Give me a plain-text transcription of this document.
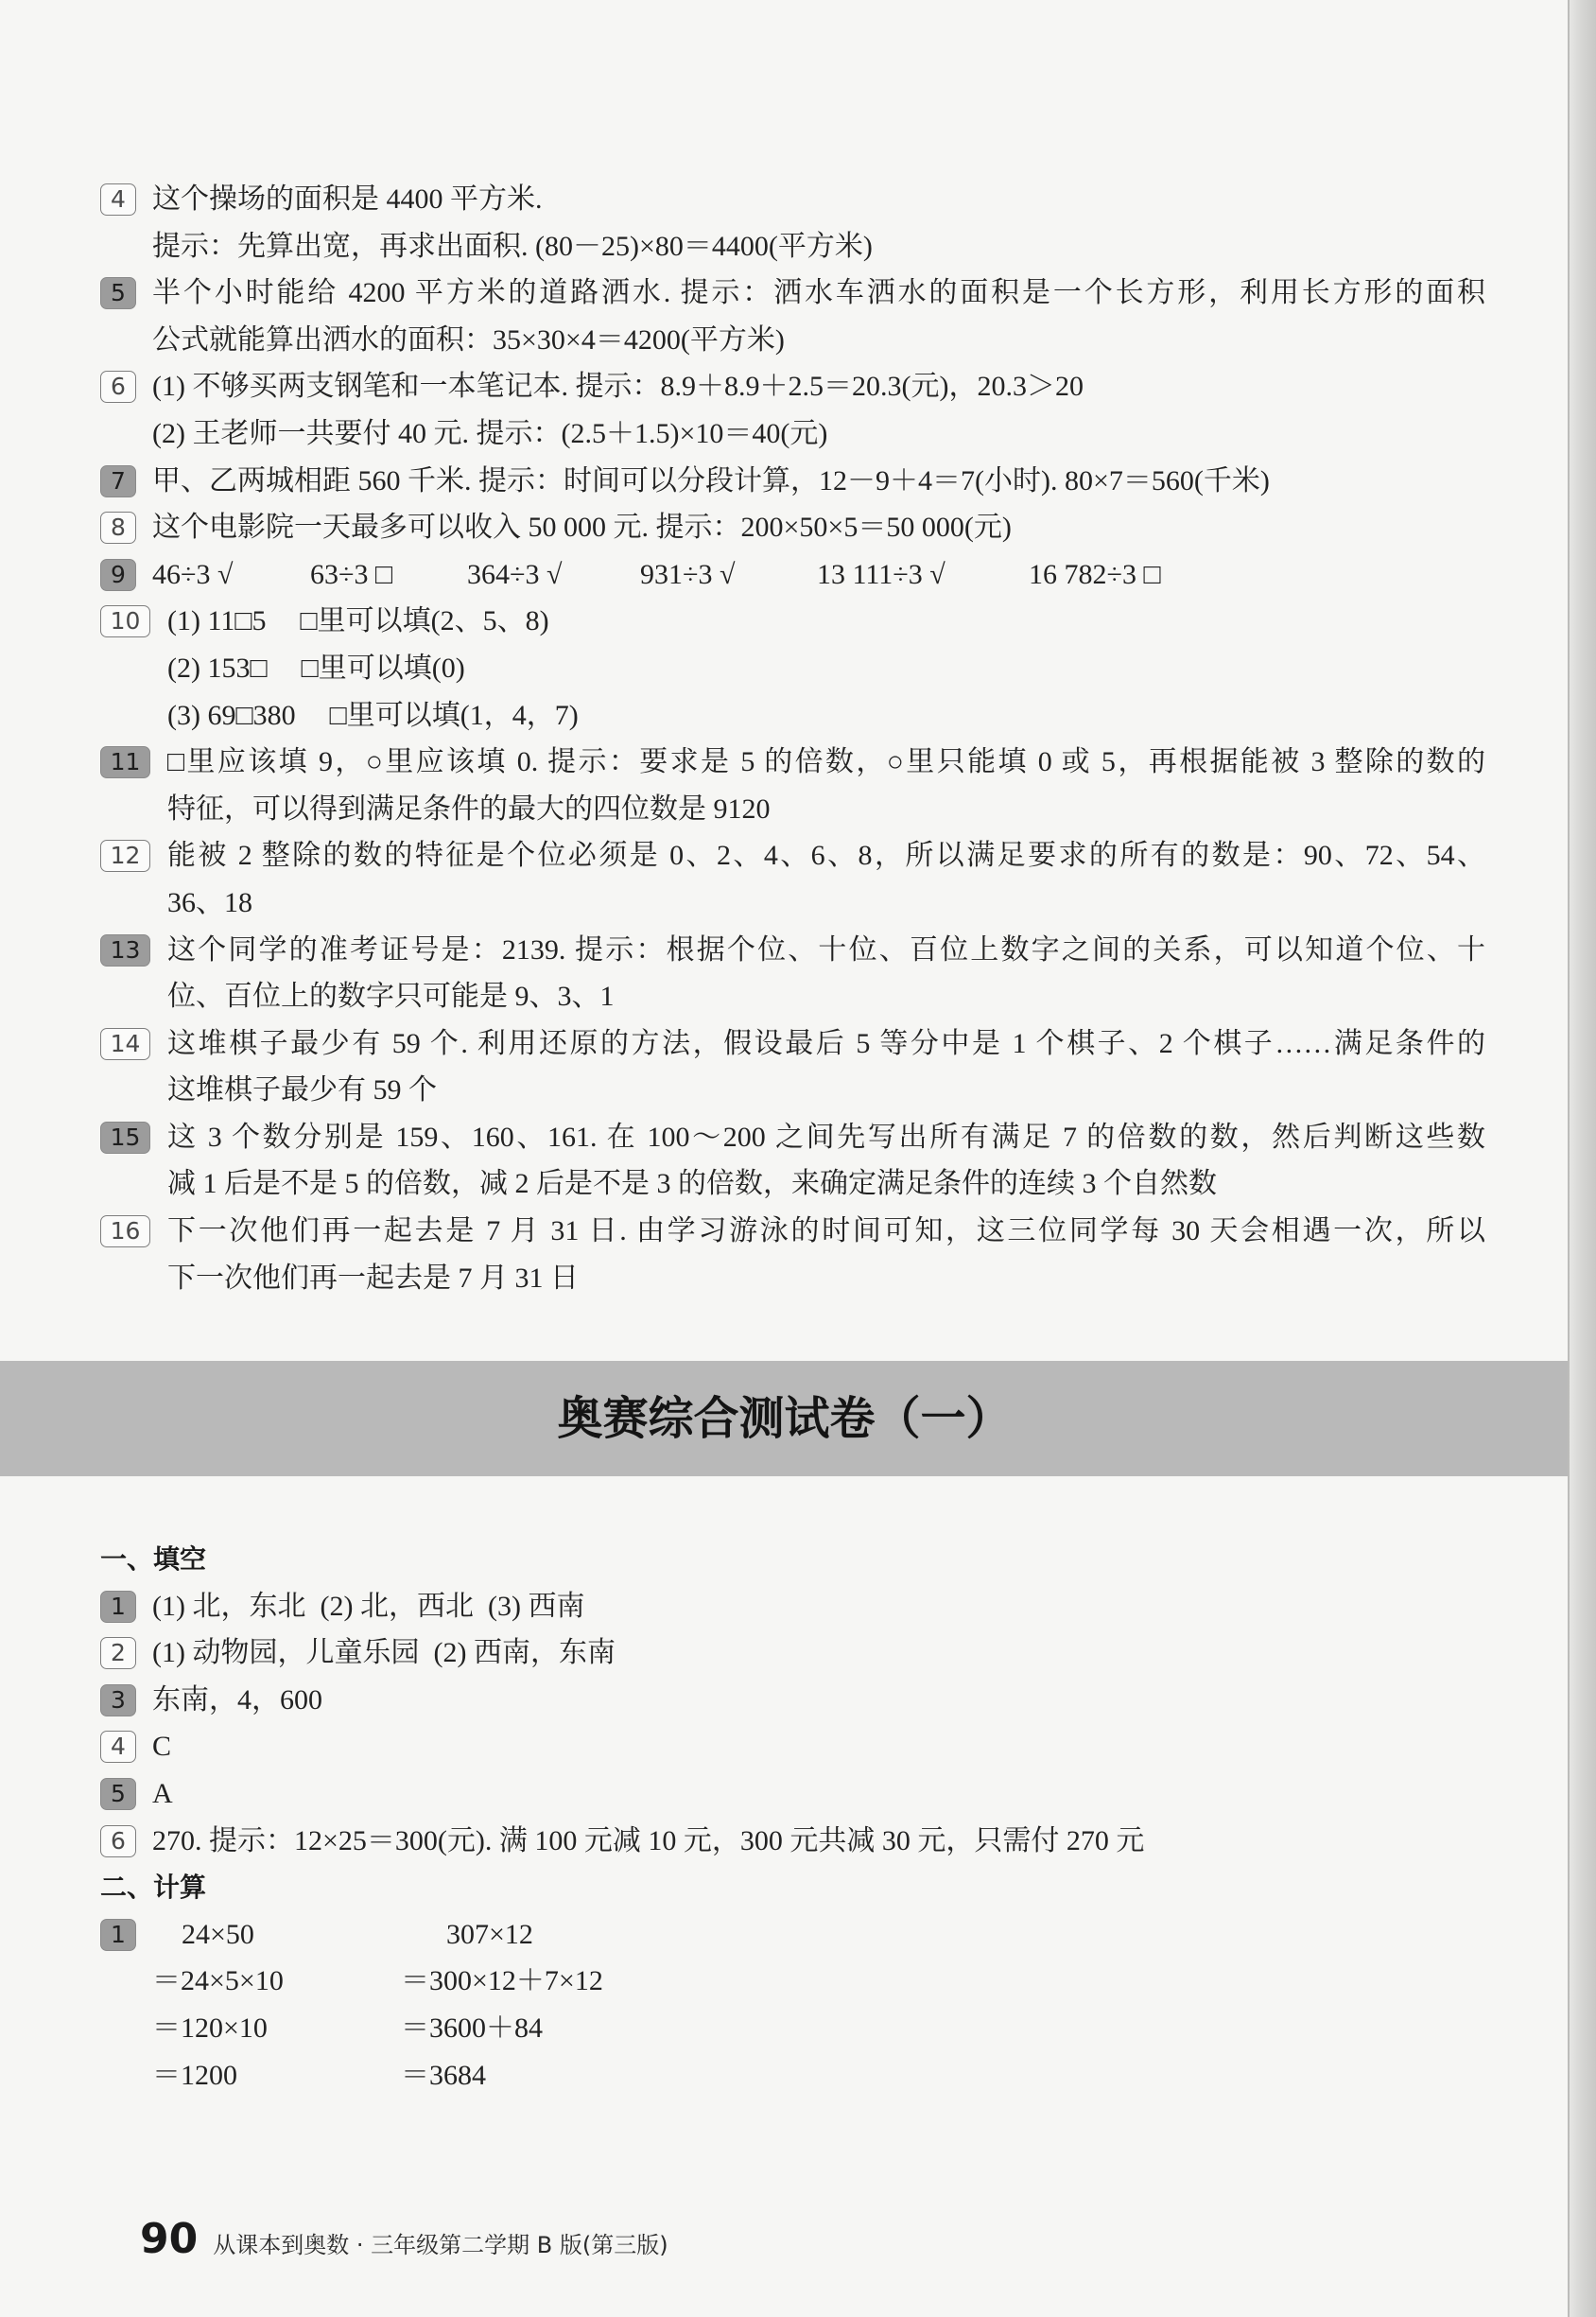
4 这个操场的面积是 4400 平方米.
提示：先算出宽，再求出面积. (80－25)×80＝4400(平方米)
5 半个小时能给 4200 平方米的道路洒水. 提示：洒水车洒水的面积是一个长方形，利用长方形的面积
公式就能算出洒水的面积：35×30×4＝4200(平方米)
6 (1) 不够买两支钢笔和一本笔记本. 提示：8.9＋8.9＋2.5＝20.3(元)，20.3＞20
(2) 王老师一共要付 40 元. 提示：(2.5＋1.5)×10＝40(元)
7 甲、乙两城相距 560 千米. 提示：时间可以分段计算，12－9＋4＝7(小时). 80×7＝560(千米)
8 这个电影院一天最多可以收入 50 000 元. 提示：200×50×5＝50 000(元)
9 46÷3 √	63÷3 □	364÷3 √	931÷3 √	13 111÷3 √	16 782÷3 □
10 (1) 11□5 □里可以填(2、5、8)
(2) 153□ □里可以填(0)
(3) 69□380 □里可以填(1，4，7)
11 □里应该填 9，○里应该填 0. 提示：要求是 5 的倍数，○里只能填 0 或 5，再根据能被 3 整除的数的
特征，可以得到满足条件的最大的四位数是 9120
12 能被 2 整除的数的特征是个位必须是 0、2、4、6、8，所以满足要求的所有的数是：90、72、54、
36、18
13 这个同学的准考证号是：2139. 提示：根据个位、十位、百位上数字之间的关系，可以知道个位、十
位、百位上的数字只可能是 9、3、1
14 这堆棋子最少有 59 个. 利用还原的方法，假设最后 5 等分中是 1 个棋子、2 个棋子……满足条件的
这堆棋子最少有 59 个
15 这 3 个数分别是 159、160、161. 在 100～200 之间先写出所有满足 7 的倍数的数，然后判断这些数
减 1 后是不是 5 的倍数，减 2 后是不是 3 的倍数，来确定满足条件的连续 3 个自然数
16 下一次他们再一起去是 7 月 31 日. 由学习游泳的时间可知，这三位同学每 30 天会相遇一次，所以
下一次他们再一起去是 7 月 31 日
奥赛综合测试卷（一）
一、填空
1 (1) 北，东北  (2) 北，西北  (3) 西南
2 (1) 动物园，儿童乐园  (2) 西南，东南
3 东南，4，600
4 C
5 A
6 270. 提示：12×25＝300(元). 满 100 元减 10 元，300 元共减 30 元，只需付 270 元
二、计算
1	24×50	307×12
＝24×5×10	＝300×12＋7×12
＝120×10	＝3600＋84
＝1200	＝3684
90 从课本到奥数 · 三年级第二学期 B 版(第三版)
